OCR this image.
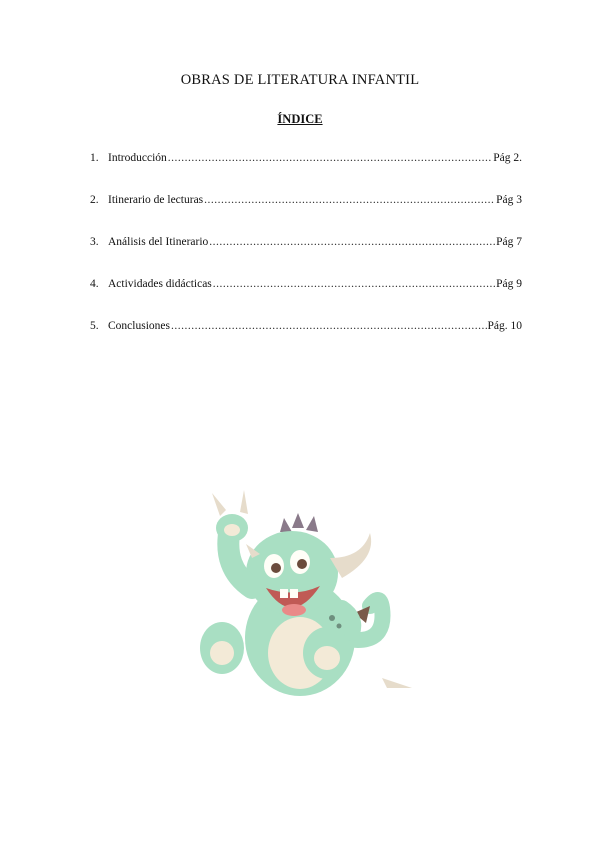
OBRAS DE LITERATURA INFANTIL
ÍNDICE
1. Introducción .....	Pág 2.
2. Itinerario de lecturas .....	Pág 3
3. Análisis del Itinerario .....	Pág 7
4. Actividades didácticas .....	Pág 9
5. Conclusiones .....	Pág. 10
